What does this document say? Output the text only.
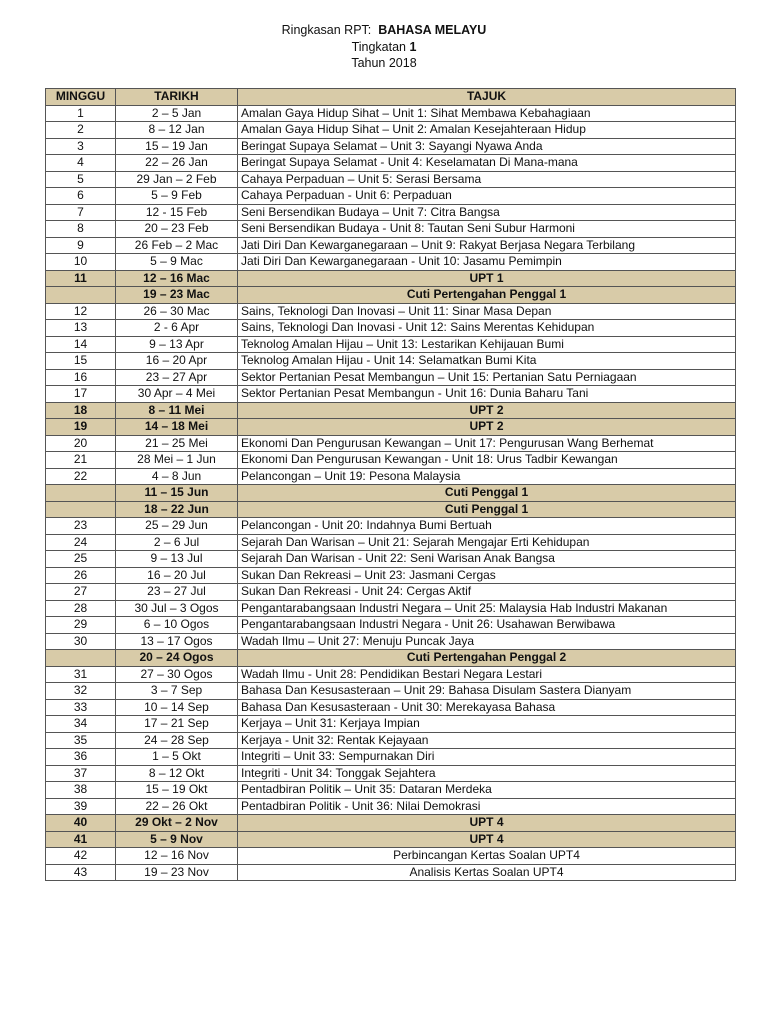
Ringkasan RPT: BAHASA MELAYU
Tingkatan 1
Tahun 2018
MINGGU	TARIKH	TAJUK
1	2 – 5 Jan	Amalan Gaya Hidup Sihat – Unit 1: Sihat Membawa Kebahagiaan
2	8 – 12 Jan	Amalan Gaya Hidup Sihat – Unit 2: Amalan Kesejahteraan Hidup
3	15 – 19 Jan	Beringat Supaya Selamat – Unit 3: Sayangi Nyawa Anda
4	22 – 26 Jan	Beringat Supaya Selamat - Unit 4: Keselamatan Di Mana-mana
5	29 Jan – 2 Feb	Cahaya Perpaduan – Unit 5: Serasi Bersama
6	5 – 9 Feb	Cahaya Perpaduan - Unit 6: Perpaduan
7	12 - 15 Feb	Seni Bersendikan Budaya – Unit 7: Citra Bangsa
8	20 – 23 Feb	Seni Bersendikan Budaya - Unit 8: Tautan Seni Subur Harmoni
9	26 Feb – 2 Mac	Jati Diri Dan Kewarganegaraan – Unit 9: Rakyat Berjasa Negara Terbilang
10	5 – 9 Mac	Jati Diri Dan Kewarganegaraan - Unit 10: Jasamu Pemimpin
11	12 – 16 Mac	UPT 1
	19 – 23 Mac	Cuti Pertengahan Penggal 1
12	26 – 30 Mac	Sains, Teknologi Dan Inovasi – Unit 11: Sinar Masa Depan
13	2 - 6 Apr	Sains, Teknologi Dan Inovasi - Unit 12: Sains Merentas Kehidupan
14	9 – 13 Apr	Teknolog Amalan Hijau – Unit 13: Lestarikan Kehijauan Bumi
15	16 – 20 Apr	Teknolog Amalan Hijau - Unit 14: Selamatkan Bumi Kita
16	23 – 27 Apr	Sektor Pertanian Pesat Membangun – Unit 15: Pertanian Satu Perniagaan
17	30 Apr – 4 Mei	Sektor Pertanian Pesat Membangun - Unit 16: Dunia Baharu Tani
18	8 – 11 Mei	UPT 2
19	14 – 18 Mei	UPT 2
20	21 – 25 Mei	Ekonomi Dan Pengurusan Kewangan – Unit 17: Pengurusan Wang Berhemat
21	28 Mei – 1 Jun	Ekonomi Dan Pengurusan Kewangan - Unit 18: Urus Tadbir Kewangan
22	4 – 8 Jun	Pelancongan – Unit 19: Pesona Malaysia
	11 – 15 Jun	Cuti Penggal 1
	18 – 22 Jun	Cuti Penggal 1
23	25 – 29 Jun	Pelancongan - Unit 20: Indahnya Bumi Bertuah
24	2 – 6 Jul	Sejarah Dan Warisan – Unit 21: Sejarah Mengajar Erti Kehidupan
25	9 – 13 Jul	Sejarah Dan Warisan - Unit 22: Seni Warisan Anak Bangsa
26	16 – 20 Jul	Sukan Dan Rekreasi – Unit 23: Jasmani Cergas
27	23 – 27 Jul	Sukan Dan Rekreasi - Unit 24: Cergas Aktif
28	30 Jul – 3 Ogos	Pengantarabangsaan Industri Negara – Unit 25: Malaysia Hab Industri Makanan
29	6 – 10 Ogos	Pengantarabangsaan Industri Negara - Unit 26: Usahawan Berwibawa
30	13 – 17 Ogos	Wadah Ilmu – Unit 27: Menuju Puncak Jaya
	20 – 24 Ogos	Cuti Pertengahan Penggal 2
31	27 – 30 Ogos	Wadah Ilmu - Unit 28: Pendidikan Bestari Negara Lestari
32	3 – 7 Sep	Bahasa Dan Kesusasteraan – Unit 29: Bahasa Disulam Sastera Dianyam
33	10 – 14 Sep	Bahasa Dan Kesusasteraan - Unit 30: Merekayasa Bahasa
34	17 – 21 Sep	Kerjaya – Unit 31: Kerjaya Impian
35	24 – 28 Sep	Kerjaya - Unit 32: Rentak Kejayaan
36	1 – 5 Okt	Integriti – Unit 33: Sempurnakan Diri
37	8 – 12 Okt	Integriti - Unit 34: Tonggak Sejahtera
38	15 – 19 Okt	Pentadbiran Politik – Unit 35: Dataran Merdeka
39	22 – 26 Okt	Pentadbiran Politik - Unit 36: Nilai Demokrasi
40	29 Okt – 2 Nov	UPT 4
41	5 – 9 Nov	UPT 4
42	12 – 16 Nov	Perbincangan Kertas Soalan UPT4
43	19 – 23 Nov	Analisis Kertas Soalan UPT4
